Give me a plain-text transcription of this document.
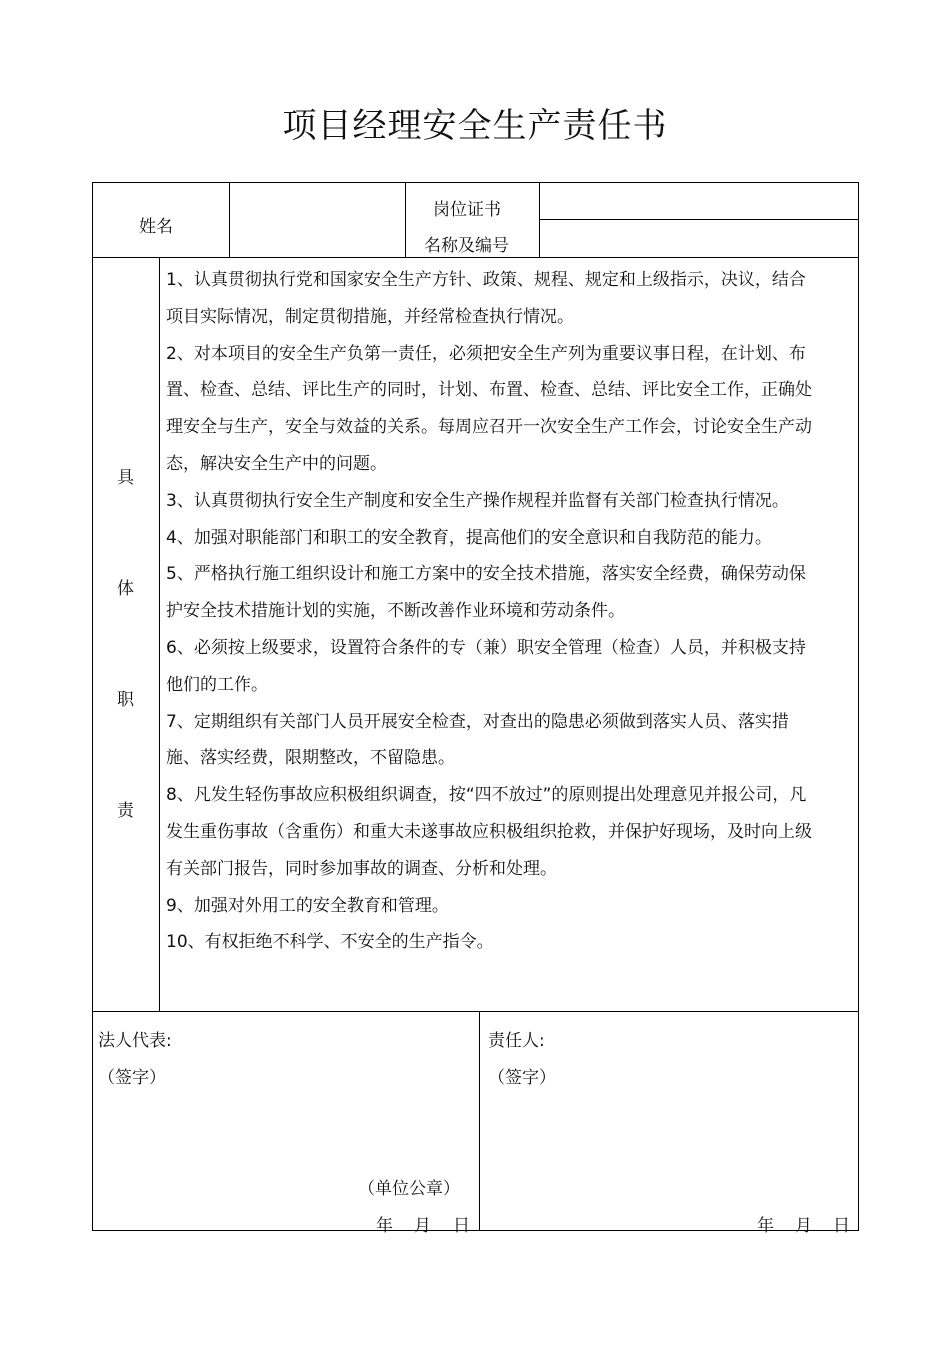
项目经理安全生产责任书
姓名
岗位证书
名称及编号
具
体
职
责
1、认真贯彻执行党和国家安全生产方针、政策、规程、规定和上级指示，决议，结合项目实际情况，制定贯彻措施，并经常检查执行情况。
2、对本项目的安全生产负第一责任，必须把安全生产列为重要议事日程，在计划、布置、检查、总结、评比生产的同时，计划、布置、检查、总结、评比安全工作，正确处理安全与生产，安全与效益的关系。每周应召开一次安全生产工作会，讨论安全生产动态，解决安全生产中的问题。
3、认真贯彻执行安全生产制度和安全生产操作规程并监督有关部门检查执行情况。
4、加强对职能部门和职工的安全教育，提高他们的安全意识和自我防范的能力。
5、严格执行施工组织设计和施工方案中的安全技术措施，落实安全经费，确保劳动保护安全技术措施计划的实施，不断改善作业环境和劳动条件。
6、必须按上级要求，设置符合条件的专（兼）职安全管理（检查）人员，并积极支持他们的工作。
7、定期组织有关部门人员开展安全检查，对查出的隐患必须做到落实人员、落实措施、落实经费，限期整改，不留隐患。
8、凡发生轻伤事故应积极组织调查，按“四不放过”的原则提出处理意见并报公司，凡发生重伤事故（含重伤）和重大未遂事故应积极组织抢救，并保护好现场，及时向上级有关部门报告，同时参加事故的调查、分析和处理。
9、加强对外用工的安全教育和管理。
10、有权拒绝不科学、不安全的生产指令。
法人代表:
（签字）
（单位公章）
年 月 日
责任人:
（签字）
年 月 日
